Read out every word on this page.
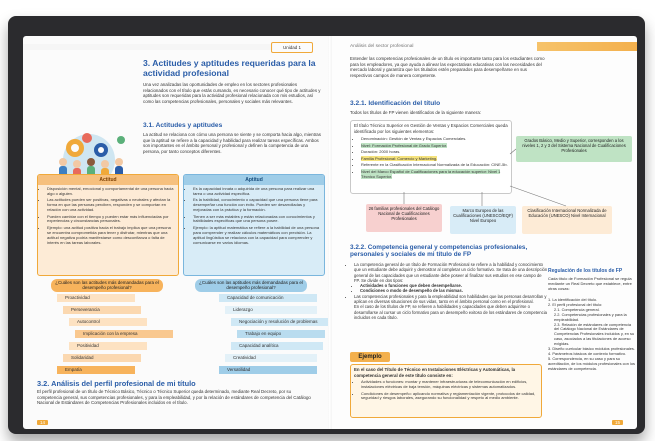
Unidad 1
3. Actitudes y aptitudes requeridas para la actividad profesional
Una vez analizadas las oportunidades de empleo en los sectores profesionales relacionados con el título que estás cursando, es necesario conocer qué tipo de actitudes y aptitudes son requeridas para la actividad profesional relacionada con mis estudios, así como las competencias profesionales, personales y sociales más relevantes.
3.1. Actitudes y aptitudes
La actitud se relaciona con cómo una persona se siente y se comporta hacia algo, mientras que la aptitud se refiere a la capacidad y habilidad para realizar tareas específicas. Ambos son importantes en el ámbito personal y profesional y definen la competencia de una persona, por tanto conceptos diferentes.
Actitud
• Disposición mental, emocional y comportamental de una persona hacia algo o alguien.
• Las actitudes pueden ser positivas, negativas o neutrales y afectan la forma en que las personas perciben, responden y se comportan en relación con una actividad.
• Pueden cambiar con el tiempo y pueden estar más influenciadas por experiencias y circunstancias personales.
• Ejemplo: una actitud positiva hacia el trabajo implica que una persona se encuentra comprometida para tener y disfrutar, mientras que una actitud negativa podría manifestarse como desconfianza o falta de interés en las tareas laborales.
Aptitud
• Es la capacidad innata o adquirida de una persona para realizar una tarea o una actividad específica.
• Es la habilidad, conocimiento o capacidad que una persona tiene para desempeñar una función con éxito. Pueden ser desarrolladas y mejoradas con la práctica y la formación.
• Tienen a ser más estables y están relacionadas con conocimientos y habilidades específicas que una persona posee.
• Ejemplo: la aptitud matemática se refiere a la habilidad de una persona para comprender y realizar cálculos matemáticos con precisión. La aptitud lingüística se relaciona con la capacidad para comprender y comunicarse en varios idiomas.
¿Cuáles son las actitudes más demandadas para el desempeño profesional?
¿Cuáles son las aptitudes más demandadas para el desempeño profesional?
Proactividad
Perseverancia
Autocontrol
Implicación con la empresa
Positividad
Solidaridad
Empatía
Capacidad de comunicación
Liderazgo
Negociación y resolución de problemas
Trabajo en equipo
Capacidad analítica
Creatividad
Versatilidad
3.2. Análisis del perfil profesional de mi título
El perfil profesional de un título de Técnico Básico, Técnico o Técnico Superior queda determinado, mediante Real Decreto, por su competencia general, sus competencias profesionales, y para la empleabilidad, y por la relación de estándares de competencia del Catálogo Nacional de Estándares de Competencias Profesionales incluidos en el título.
14
Análisis del sector profesional
Entender las competencias profesionales de un título es importante tanto para los estudiantes como para los empleadores, ya que ayuda a alinear las expectativas educativas con las necesidades del mercado laboral y garantiza que los titulados estén preparados para desempeñarse en sus respectivos campos de manera competente.
3.2.1. Identificación del título
Todos los títulos de FP vienen identificados de la siguiente manera:
El título Técnico Superior en Gestión de Ventas y Espacios Comerciales queda identificado por los siguientes elementos:
• Denominación: Gestión de Ventas y Espacios Comerciales.
• Nivel: Formación Profesional de Grado Superior.
• Duración: 2000 horas.
• Familia Profesional: Comercio y Marketing.
• Referente en la Clasificación Internacional Normalizada de la Educación: CINE-5b.
• Nivel del Marco Español de Cualificaciones para la educación superior: Nivel 1 Técnico Superior.
Grados Básico, Medio y Superior, corresponden a los niveles 1, 2 y 3 del Sistema Nacional de Cualificaciones Profesionales
26 familias profesionales del Catálogo Nacional de Cualificaciones Profesionales
Marco Europeo de las Cualificaciones (UNESCO/EQF) Nivel Europeo
Clasificación Internacional Normalizada de Educación (UNESCO) Nivel Internacional
3.2.2. Competencia general y competencias profesionales, personales y sociales de mi título de FP
• La competencia general de un título de Formación Profesional se refiere a la habilidad y conocimiento que un estudiante debe adquirir y demostrar al completar un ciclo formativo. Se trata de una descripción general de las capacidades que un estudiante debe poseer al finalizar sus estudios en ese campo de FP. Se divide en dos tipos:
• Actividades o funciones que deben desempeñarse.
• Condiciones o modo de desempeño de las mismas.
• Las competencias profesionales y para la empleabilidad son habilidades que las personas desarrollan y aplican en diversas situaciones de sus vidas, tanto en el ámbito personal como en el profesional.
En el caso de los títulos de FP, se refieren a habilidades y capacidades que deben adquirirse o desarrollarse al cursar un ciclo formativo para un desempeño exitoso de los estándares de competencia incluidos en cada título.
Ejemplo
En el caso del Título de Técnico en Instalaciones Eléctricas y Automáticas, la competencia general de este título consiste en:
• Actividades o funciones: montar y mantener infraestructuras de telecomunicación en edificios, instalaciones eléctricas de baja tensión, máquinas eléctricas y sistemas automatizados.
• Condiciones de desempeño: aplicando normativa y reglamentación vigente, protocolos de calidad, seguridad y riesgos laborales, asegurando su funcionalidad y respeto al medio ambiente.
Regulación de los títulos de FP
Cada título de Formación Profesional se regula mediante un Real Decreto que establece, entre otras cosas:
1. La identificación del título.
2. El perfil profesional del título:
2.1. Competencia general.
2.2. Competencias profesionales y para la empleabilidad.
2.3. Relación de estándares de competencia del Catálogo Nacional de Estándares de Competencias Profesionales incluidos y, en su caso, asociados a las titulaciones de acceso exigidas.
3. Diseño curricular básico módulos profesionales.
4. Parámetros básicos de contexto formativo.
5. Correspondencia, en su caso y para su acreditación, de los módulos profesionales con los estándares de competencia.
15
